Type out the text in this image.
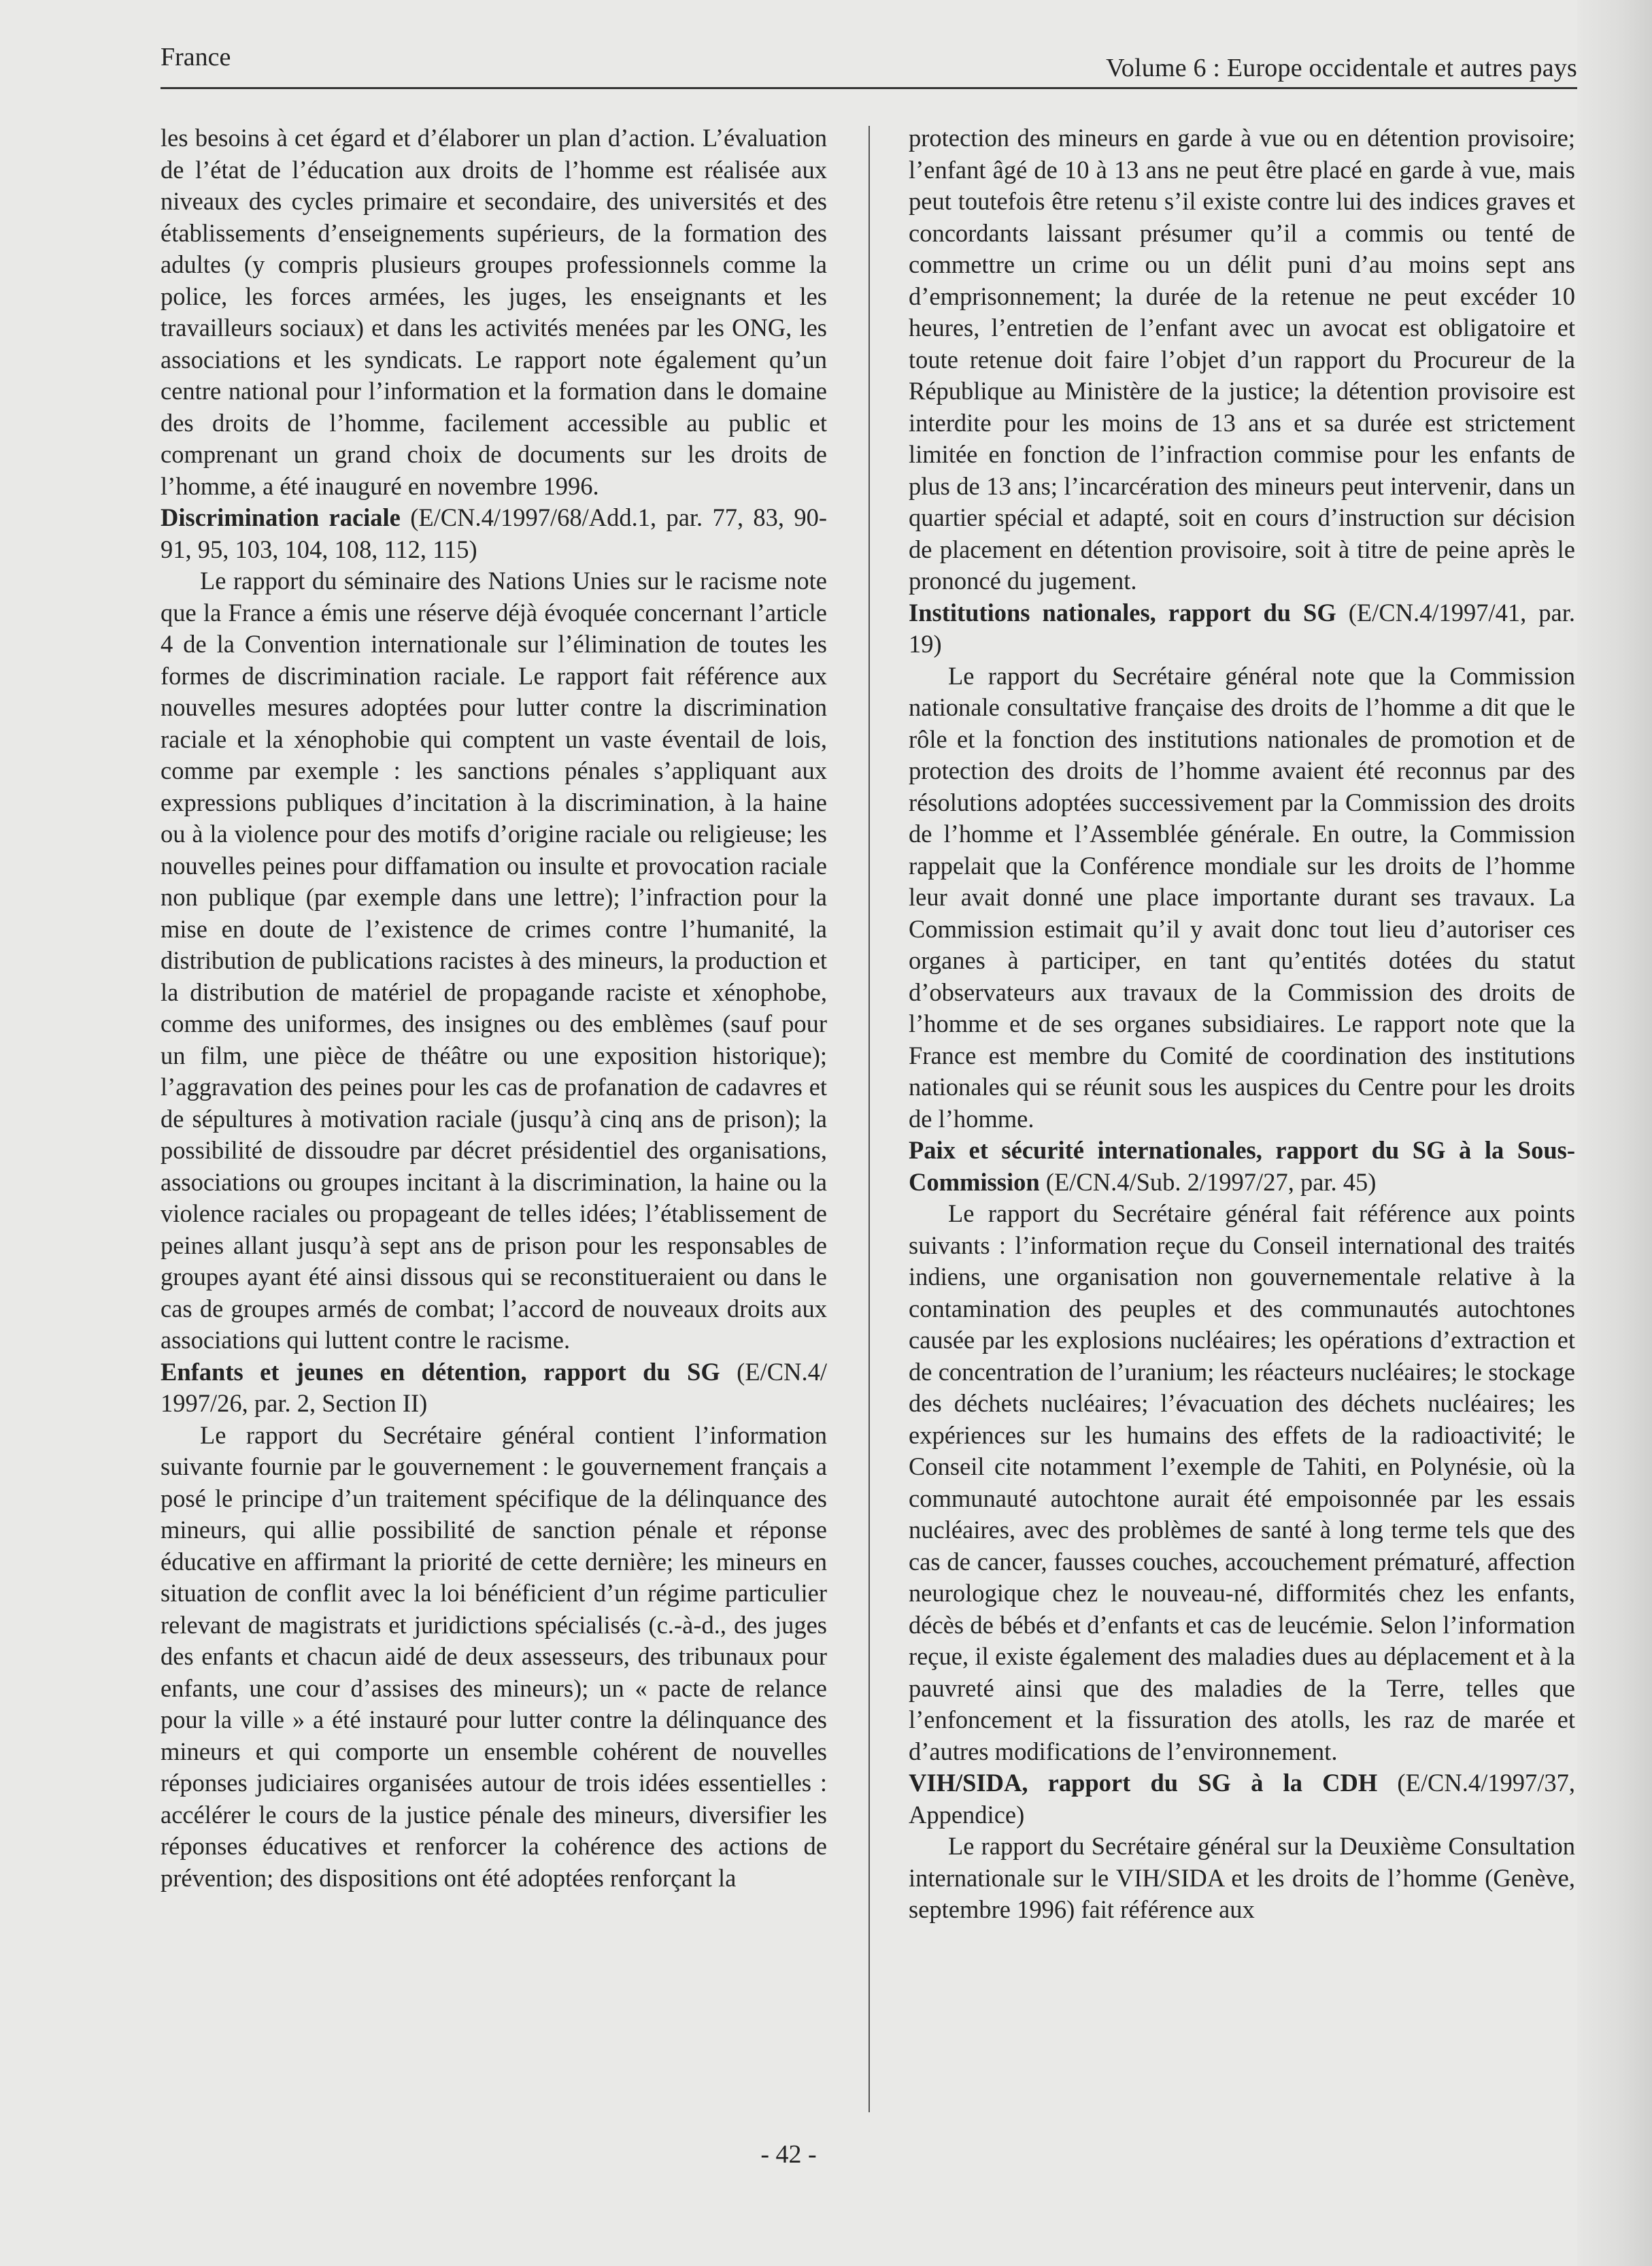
France	Volume 6 : Europe occidentale et autres pays

les besoins à cet égard et d’élaborer un plan d’action. L’évaluation de l’état de l’éducation aux droits de l’homme est réalisée aux niveaux des cycles primaire et secondaire, des universités et des établissements d’enseignements supérieurs, de la formation des adultes (y compris plusieurs groupes professionnels comme la police, les forces armées, les juges, les enseignants et les travailleurs sociaux) et dans les activités menées par les ONG, les associations et les syndicats. Le rapport note également qu’un centre national pour l’information et la formation dans le domaine des droits de l’homme, facilement accessible au public et comprenant un grand choix de documents sur les droits de l’homme, a été inauguré en novembre 1996.

Discrimination raciale (E/CN.4/1997/68/Add.1, par. 77, 83, 90-91, 95, 103, 104, 108, 112, 115)

Le rapport du séminaire des Nations Unies sur le racisme note que la France a émis une réserve déjà évoquée concernant l’article 4 de la Convention internationale sur l’élimination de toutes les formes de discrimination raciale. Le rapport fait référence aux nouvelles mesures adoptées pour lutter contre la discrimination raciale et la xénophobie qui comptent un vaste éventail de lois, comme par exemple : les sanctions pénales s’appliquant aux expressions publiques d’incitation à la discrimination, à la haine ou à la violence pour des motifs d’origine raciale ou religieuse; les nouvelles peines pour diffamation ou insulte et provocation raciale non publique (par exemple dans une lettre); l’infraction pour la mise en doute de l’existence de crimes contre l’humanité, la distribution de publications racistes à des mineurs, la production et la distribution de matériel de propagande raciste et xénophobe, comme des uniformes, des insignes ou des emblèmes (sauf pour un film, une pièce de théâtre ou une exposition historique); l’aggravation des peines pour les cas de profanation de cadavres et de sépultures à motivation raciale (jusqu’à cinq ans de prison); la possibilité de dissoudre par décret présidentiel des organisations, associations ou groupes incitant à la discrimination, la haine ou la violence raciales ou propageant de telles idées; l’établissement de peines allant jusqu’à sept ans de prison pour les responsables de groupes ayant été ainsi dissous qui se reconstitueraient ou dans le cas de groupes armés de combat; l’accord de nouveaux droits aux associations qui luttent contre le racisme.

Enfants et jeunes en détention, rapport du SG (E/CN.4/ 1997/26, par. 2, Section II)

Le rapport du Secrétaire général contient l’information suivante fournie par le gouvernement : le gouvernement français a posé le principe d’un traitement spécifique de la délinquance des mineurs, qui allie possibilité de sanction pénale et réponse éducative en affirmant la priorité de cette dernière; les mineurs en situation de conflit avec la loi bénéficient d’un régime particulier relevant de magistrats et juridictions spécialisés (c.-à-d., des juges des enfants et chacun aidé de deux assesseurs, des tribunaux pour enfants, une cour d’assises des mineurs); un « pacte de relance pour la ville » a été instauré pour lutter contre la délinquance des mineurs et qui comporte un ensemble cohérent de nouvelles réponses judiciaires organisées autour de trois idées essentielles : accélérer le cours de la justice pénale des mineurs, diversifier les réponses éducatives et renforcer la cohérence des actions de prévention; des dispositions ont été adoptées renforçant la

protection des mineurs en garde à vue ou en détention provisoire; l’enfant âgé de 10 à 13 ans ne peut être placé en garde à vue, mais peut toutefois être retenu s’il existe contre lui des indices graves et concordants laissant présumer qu’il a commis ou tenté de commettre un crime ou un délit puni d’au moins sept ans d’emprisonnement; la durée de la retenue ne peut excéder 10 heures, l’entretien de l’enfant avec un avocat est obligatoire et toute retenue doit faire l’objet d’un rapport du Procureur de la République au Ministère de la justice; la détention provisoire est interdite pour les moins de 13 ans et sa durée est strictement limitée en fonction de l’infraction commise pour les enfants de plus de 13 ans; l’incarcération des mineurs peut intervenir, dans un quartier spécial et adapté, soit en cours d’instruction sur décision de placement en détention provisoire, soit à titre de peine après le prononcé du jugement.

Institutions nationales, rapport du SG (E/CN.4/1997/41, par. 19)

Le rapport du Secrétaire général note que la Commission nationale consultative française des droits de l’homme a dit que le rôle et la fonction des institutions nationales de promotion et de protection des droits de l’homme avaient été reconnus par des résolutions adoptées successivement par la Commission des droits de l’homme et l’Assemblée générale. En outre, la Commission rappelait que la Conférence mondiale sur les droits de l’homme leur avait donné une place importante durant ses travaux. La Commission estimait qu’il y avait donc tout lieu d’autoriser ces organes à participer, en tant qu’entités dotées du statut d’observateurs aux travaux de la Commission des droits de l’homme et de ses organes subsidiaires. Le rapport note que la France est membre du Comité de coordination des institutions nationales qui se réunit sous les auspices du Centre pour les droits de l’homme.

Paix et sécurité internationales, rapport du SG à la Sous-Commission (E/CN.4/Sub. 2/1997/27, par. 45)

Le rapport du Secrétaire général fait référence aux points suivants : l’information reçue du Conseil international des traités indiens, une organisation non gouvernementale relative à la contamination des peuples et des communautés autochtones causée par les explosions nucléaires; les opérations d’extraction et de concentration de l’uranium; les réacteurs nucléaires; le stockage des déchets nucléaires; l’évacuation des déchets nucléaires; les expériences sur les humains des effets de la radioactivité; le Conseil cite notamment l’exemple de Tahiti, en Polynésie, où la communauté autochtone aurait été empoisonnée par les essais nucléaires, avec des problèmes de santé à long terme tels que des cas de cancer, fausses couches, accouchement prématuré, affection neurologique chez le nouveau-né, difformités chez les enfants, décès de bébés et d’enfants et cas de leucémie. Selon l’information reçue, il existe également des maladies dues au déplacement et à la pauvreté ainsi que des maladies de la Terre, telles que l’enfoncement et la fissuration des atolls, les raz de marée et d’autres modifications de l’environnement.

VIH/SIDA, rapport du SG à la CDH (E/CN.4/1997/37, Appendice)

Le rapport du Secrétaire général sur la Deuxième Consultation internationale sur le VIH/SIDA et les droits de l’homme (Genève, septembre 1996) fait référence aux

- 42 -
